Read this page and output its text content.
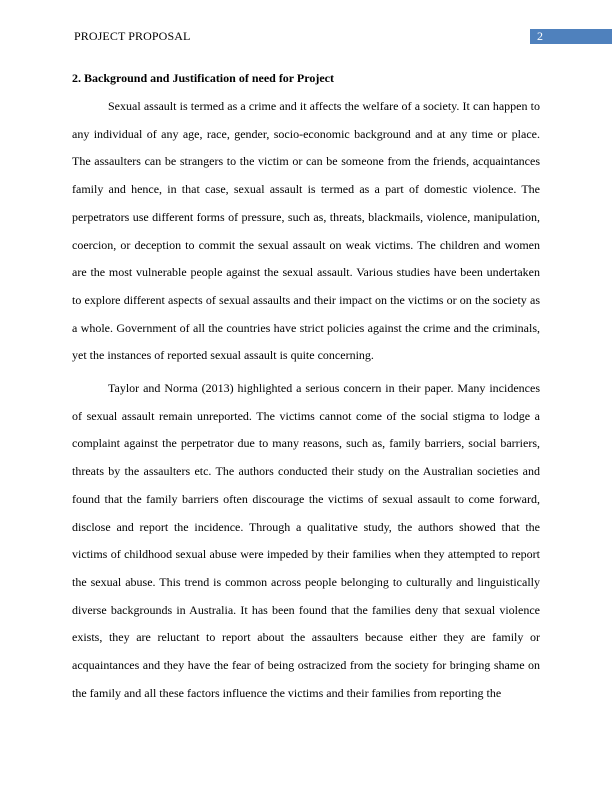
PROJECT PROPOSAL	2
2. Background and Justification of need for Project

Sexual assault is termed as a crime and it affects the welfare of a society. It can happen to any individual of any age, race, gender, socio-economic background and at any time or place. The assaulters can be strangers to the victim or can be someone from the friends, acquaintances family and hence, in that case, sexual assault is termed as a part of domestic violence. The perpetrators use different forms of pressure, such as, threats, blackmails, violence, manipulation, coercion, or deception to commit the sexual assault on weak victims. The children and women are the most vulnerable people against the sexual assault. Various studies have been undertaken to explore different aspects of sexual assaults and their impact on the victims or on the society as a whole. Government of all the countries have strict policies against the crime and the criminals, yet the instances of reported sexual assault is quite concerning.

Taylor and Norma (2013) highlighted a serious concern in their paper. Many incidences of sexual assault remain unreported. The victims cannot come of the social stigma to lodge a complaint against the perpetrator due to many reasons, such as, family barriers, social barriers, threats by the assaulters etc. The authors conducted their study on the Australian societies and found that the family barriers often discourage the victims of sexual assault to come forward, disclose and report the incidence. Through a qualitative study, the authors showed that the victims of childhood sexual abuse were impeded by their families when they attempted to report the sexual abuse. This trend is common across people belonging to culturally and linguistically diverse backgrounds in Australia. It has been found that the families deny that sexual violence exists, they are reluctant to report about the assaulters because either they are family or acquaintances and they have the fear of being ostracized from the society for bringing shame on the family and all these factors influence the victims and their families from reporting the
